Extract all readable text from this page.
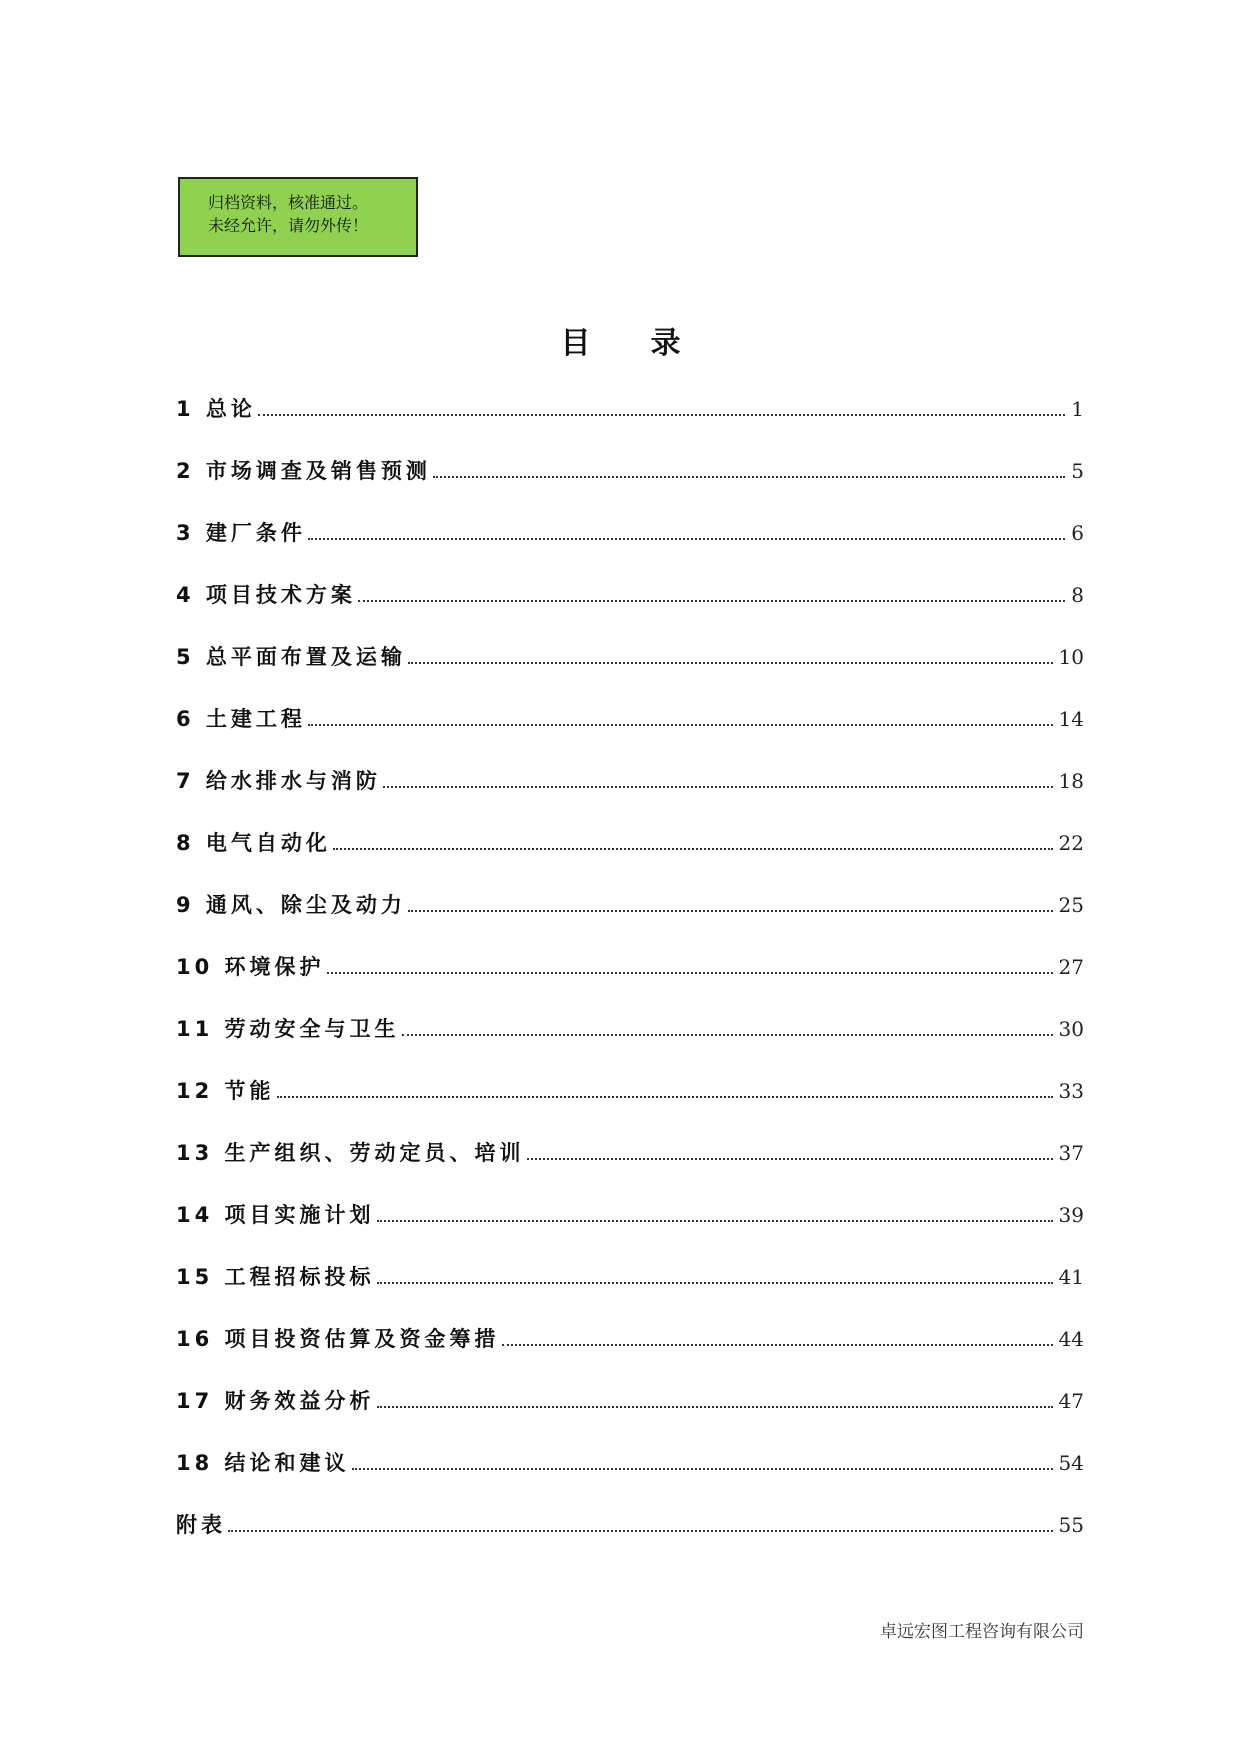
归档资料，核准通过。
未经允许，请勿外传！
目录
1 总论	1
2 市场调查及销售预测	5
3 建厂条件	6
4 项目技术方案	8
5 总平面布置及运输	10
6 土建工程	14
7 给水排水与消防	18
8 电气自动化	22
9 通风、除尘及动力	25
10 环境保护	27
11 劳动安全与卫生	30
12 节能	33
13 生产组织、劳动定员、培训	37
14 项目实施计划	39
15 工程招标投标	41
16 项目投资估算及资金筹措	44
17 财务效益分析	47
18 结论和建议	54
附表	55
卓远宏图工程咨询有限公司
